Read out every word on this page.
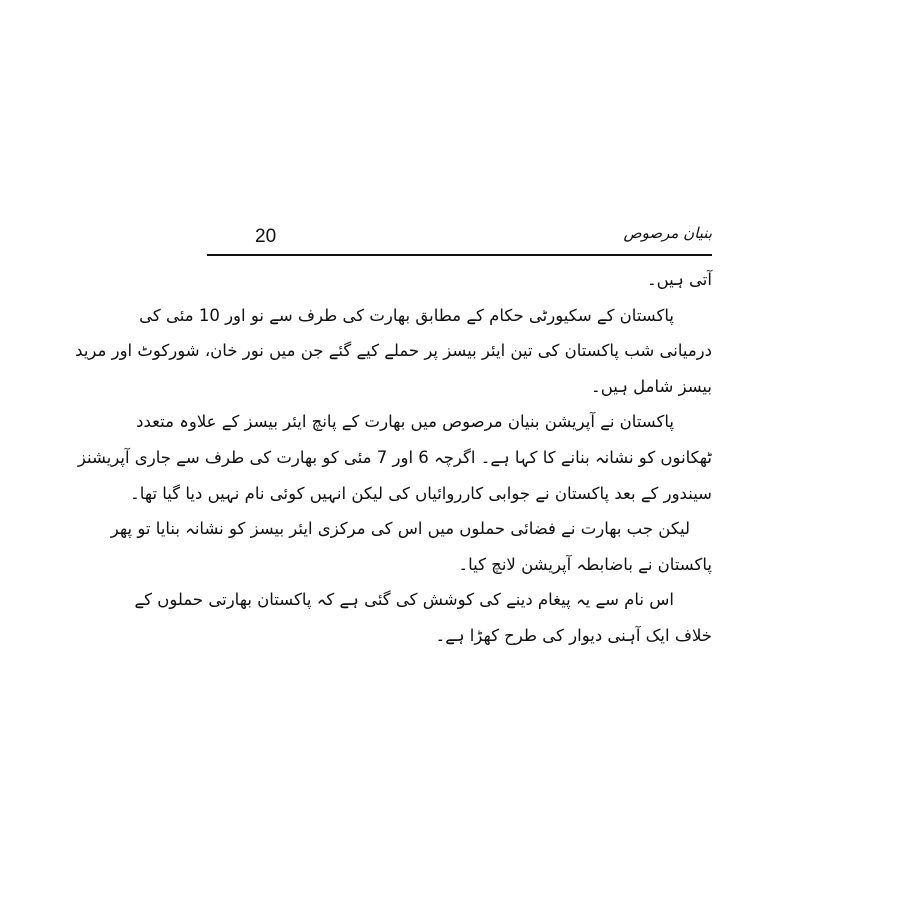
20	بنیان مرصوص
آتی ہیں۔
پاکستان کے سکیورٹی حکام کے مطابق بھارت کی طرف سے نو اور 10 مئی کی
درمیانی شب پاکستان کی تین ایئر بیسز پر حملے کیے گئے جن میں نور خان، شورکوٹ اور مرید
بیسز شامل ہیں۔
پاکستان نے آپریشن بنیان مرصوص میں بھارت کے پانچ ایئر بیسز کے علاوہ متعدد
ٹھکانوں کو نشانہ بنانے کا کہا ہے۔ اگرچہ 6 اور 7 مئی کو بھارت کی طرف سے جاری آپریشنز
سیندور کے بعد پاکستان نے جوابی کارروائیاں کی لیکن انہیں کوئی نام نہیں دیا گیا تھا۔
لیکن جب بھارت نے فضائی حملوں میں اس کی مرکزی ایئر بیسز کو نشانہ بنایا تو پھر
پاکستان نے باضابطہ آپریشن لانچ کیا۔
اس نام سے یہ پیغام دینے کی کوشش کی گئی ہے کہ پاکستان بھارتی حملوں کے
خلاف ایک آہنی دیوار کی طرح کھڑا ہے۔
